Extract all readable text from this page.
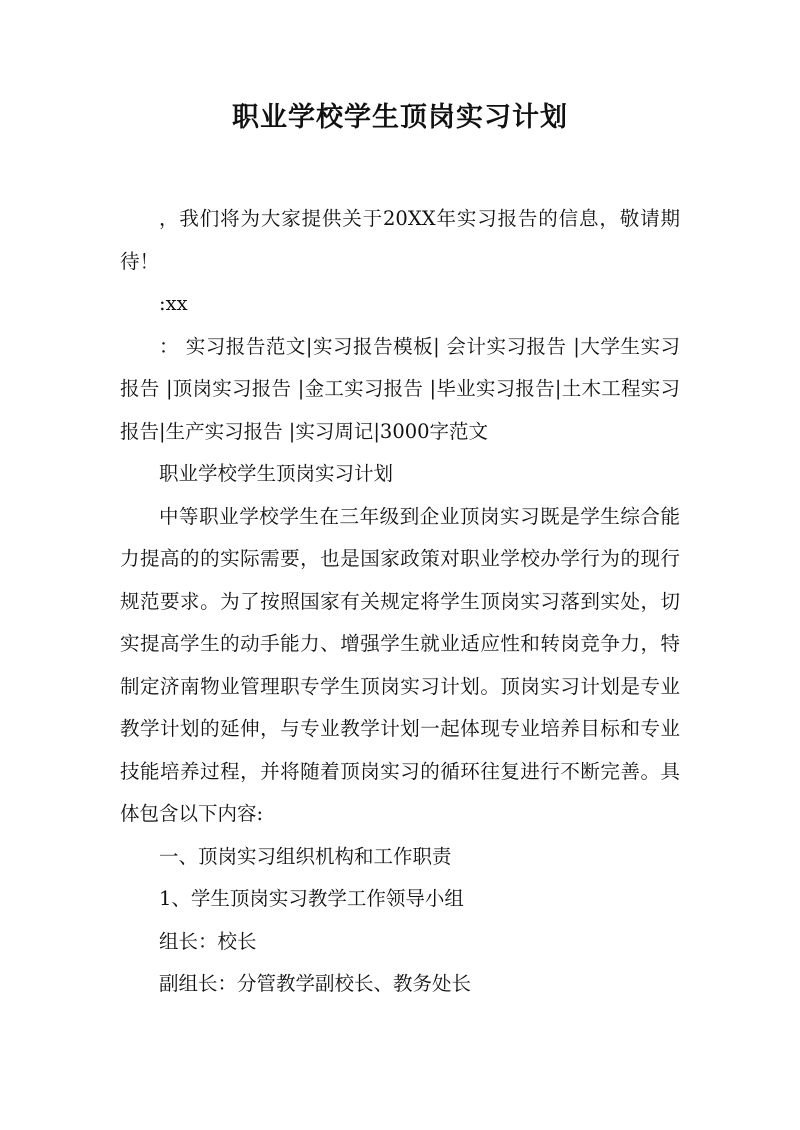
职业学校学生顶岗实习计划

，我们将为大家提供关于20XX年实习报告的信息，敬请期待！

:xx

： 实习报告范文|实习报告模板| 会计实习报告 |大学生实习报告 |顶岗实习报告 |金工实习报告 |毕业实习报告|土木工程实习报告|生产实习报告 |实习周记|3000字范文

职业学校学生顶岗实习计划

中等职业学校学生在三年级到企业顶岗实习既是学生综合能力提高的的实际需要，也是国家政策对职业学校办学行为的现行规范要求。为了按照国家有关规定将学生顶岗实习落到实处，切实提高学生的动手能力、增强学生就业适应性和转岗竞争力，特制定济南物业管理职专学生顶岗实习计划。顶岗实习计划是专业教学计划的延伸，与专业教学计划一起体现专业培养目标和专业技能培养过程，并将随着顶岗实习的循环往复进行不断完善。具体包含以下内容:

一、顶岗实习组织机构和工作职责

1、学生顶岗实习教学工作领导小组

组长：校长

副组长：分管教学副校长、教务处长
